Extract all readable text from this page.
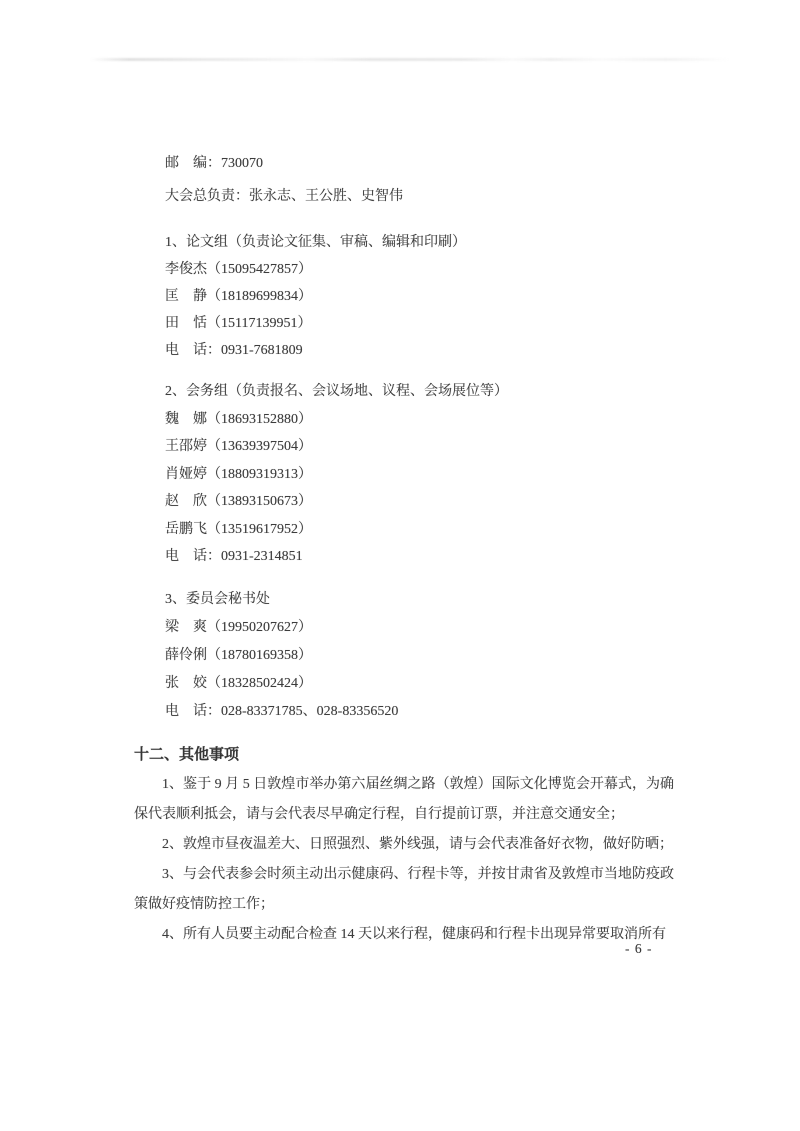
邮　编：730070

大会总负责：张永志、王公胜、史智伟

1、论文组（负责论文征集、审稿、编辑和印刷）

李俊杰（15095427857）

匡　静（18189699834）

田　恬（15117139951）

电　话：0931-7681809

2、会务组（负责报名、会议场地、议程、会场展位等）

魏　娜（18693152880）

王邵婷（13639397504）

肖娅婷（18809319313）

赵　欣（13893150673）

岳鹏飞（13519617952）

电　话：0931-2314851

3、委员会秘书处

梁　爽（19950207627）

薛伶俐（18780169358）

张　姣（18328502424）

电　话：028-83371785、028-83356520

十二、其他事项

1、鉴于 9 月 5 日敦煌市举办第六届丝绸之路（敦煌）国际文化博览会开幕式，为确保代表顺利抵会，请与会代表尽早确定行程，自行提前订票，并注意交通安全；

2、敦煌市昼夜温差大、日照强烈、紫外线强，请与会代表准备好衣物，做好防晒；

3、与会代表参会时须主动出示健康码、行程卡等，并按甘肃省及敦煌市当地防疫政策做好疫情防控工作；

4、所有人员要主动配合检查 14 天以来行程，健康码和行程卡出现异常要取消所有

- 6 -
